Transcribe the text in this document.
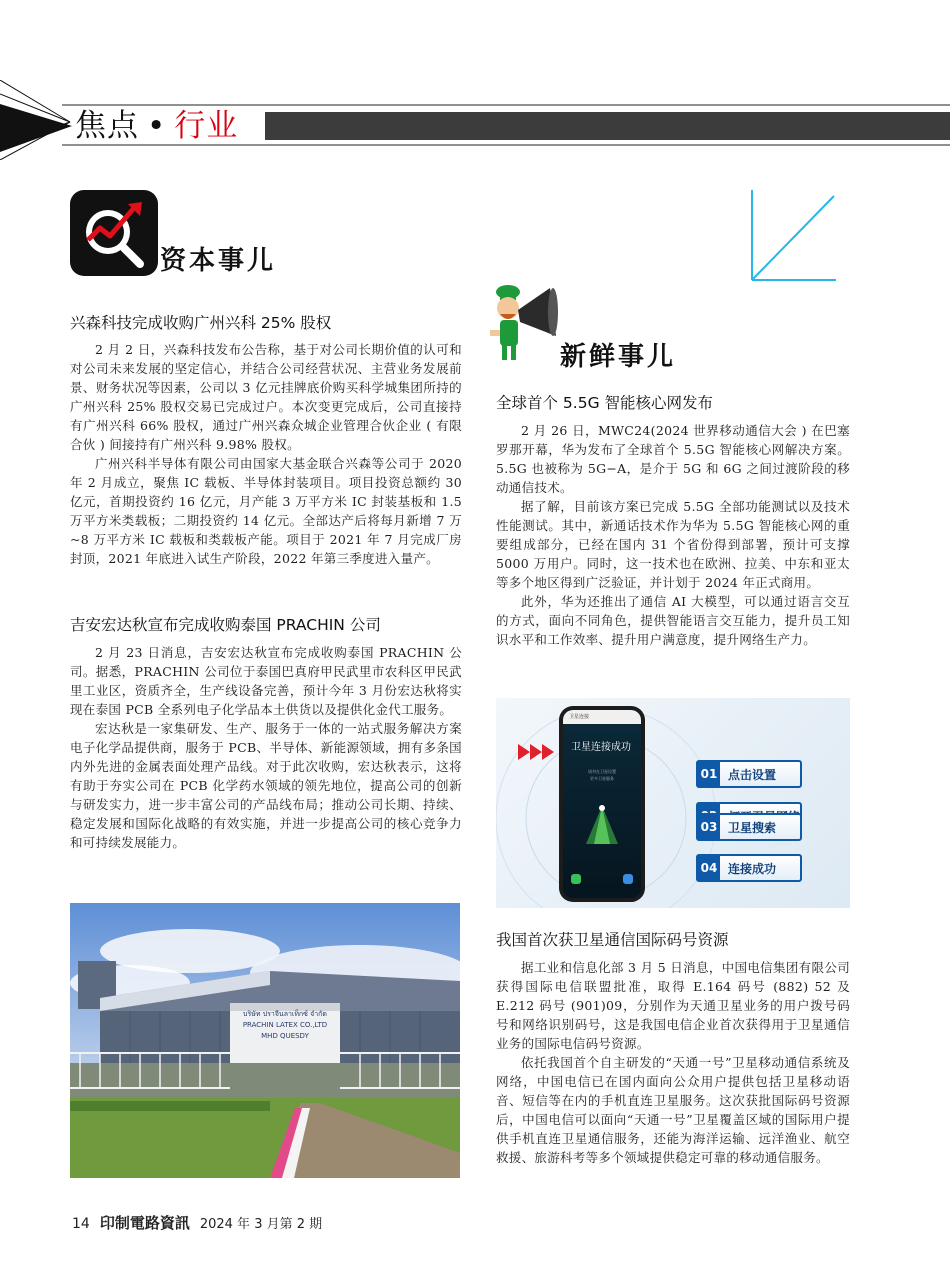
焦点 • 行业
资本事儿
兴森科技完成收购广州兴科 25% 股权

2 月 2 日，兴森科技发布公告称，基于对公司长期价值的认可和对公司未来发展的坚定信心，并结合公司经营状况、主营业务发展前景、财务状况等因素，公司以 3 亿元挂牌底价购买科学城集团所持的广州兴科 25% 股权交易已完成过户。本次变更完成后，公司直接持有广州兴科 66% 股权，通过广州兴森众城企业管理合伙企业 ( 有限合伙 ) 间接持有广州兴科 9.98% 股权。

广州兴科半导体有限公司由国家大基金联合兴森等公司于 2020 年 2 月成立，聚焦 IC 载板、半导体封装项目。项目投资总额约 30 亿元，首期投资约 16 亿元，月产能 3 万平方米 IC 封装基板和 1.5 万平方米类载板；二期投资约 14 亿元。全部达产后将每月新增 7 万 ~8 万平方米 IC 载板和类载板产能。项目于 2021 年 7 月完成厂房封顶，2021 年底进入试生产阶段，2022 年第三季度进入量产。

吉安宏达秋宣布完成收购泰国 PRACHIN 公司

2 月 23 日消息，吉安宏达秋宣布完成收购泰国 PRACHIN 公司。据悉，PRACHIN 公司位于泰国巴真府甲民武里市农科区甲民武里工业区，资质齐全，生产线设备完善，预计今年 3 月份宏达秋将实现在泰国 PCB 全系列电子化学品本土供货以及提供化金代工服务。

宏达秋是一家集研发、生产、服务于一体的一站式服务解决方案电子化学品提供商，服务于 PCB、半导体、新能源领域，拥有多条国内外先进的金属表面处理产品线。对于此次收购，宏达秋表示，这将有助于夯实公司在 PCB 化学药水领域的领先地位，提高公司的创新与研发实力，进一步丰富公司的产品线布局；推动公司长期、持续、稳定发展和国际化战略的有效实施，并进一步提高公司的核心竞争力和可持续发展能力。

บริษัท ปราจีนลาเท็กซ์ จำกัด
PRACHIN LATEX CO.,LTD
MHD QUESDY
新鲜事儿
全球首个 5.5G 智能核心网发布

2 月 26 日，MWC24(2024 世界移动通信大会 ) 在巴塞罗那开幕，华为发布了全球首个 5.5G 智能核心网解决方案。5.5G 也被称为 5G−A，是介于 5G 和 6G 之间过渡阶段的移动通信技术。

据了解，目前该方案已完成 5.5G 全部功能测试以及技术性能测试。其中，新通话技术作为华为 5.5G 智能核心网的重要组成部分，已经在国内 31 个省份得到部署，预计可支撑 5000 万用户。同时，这一技术也在欧洲、拉美、中东和亚太等多个地区得到广泛验证，并计划于 2024 年正式商用。

此外，华为还推出了通信 AI 大模型，可以通过语言交互的方式，面向不同角色，提供智能语言交互能力，提升员工知识水平和工作效率、提升用户满意度，提升网络生产力。

卫星连接
卫星连接成功
请勿在卫星设置
更多卫星服务	01 点击设置
03 卫星搜索
04 连接成功
我国首次获卫星通信国际码号资源

据工业和信息化部 3 月 5 日消息，中国电信集团有限公司获得国际电信联盟批准，取得 E.164 码号 (882) 52 及 E.212 码号 (901)09，分别作为天通卫星业务的用户拨号码号和网络识别码号，这是我国电信企业首次获得用于卫星通信业务的国际电信码号资源。

依托我国首个自主研发的“天通一号”卫星移动通信系统及网络，中国电信已在国内面向公众用户提供包括卫星移动语音、短信等在内的手机直连卫星服务。这次获批国际码号资源后，中国电信可以面向“天通一号”卫星覆盖区域的国际用户提供手机直连卫星通信服务，还能为海洋运输、远洋渔业、航空救援、旅游科考等多个领域提供稳定可靠的移动通信服务。

14 印制電路資訊 2024 年 3 月第 2 期
